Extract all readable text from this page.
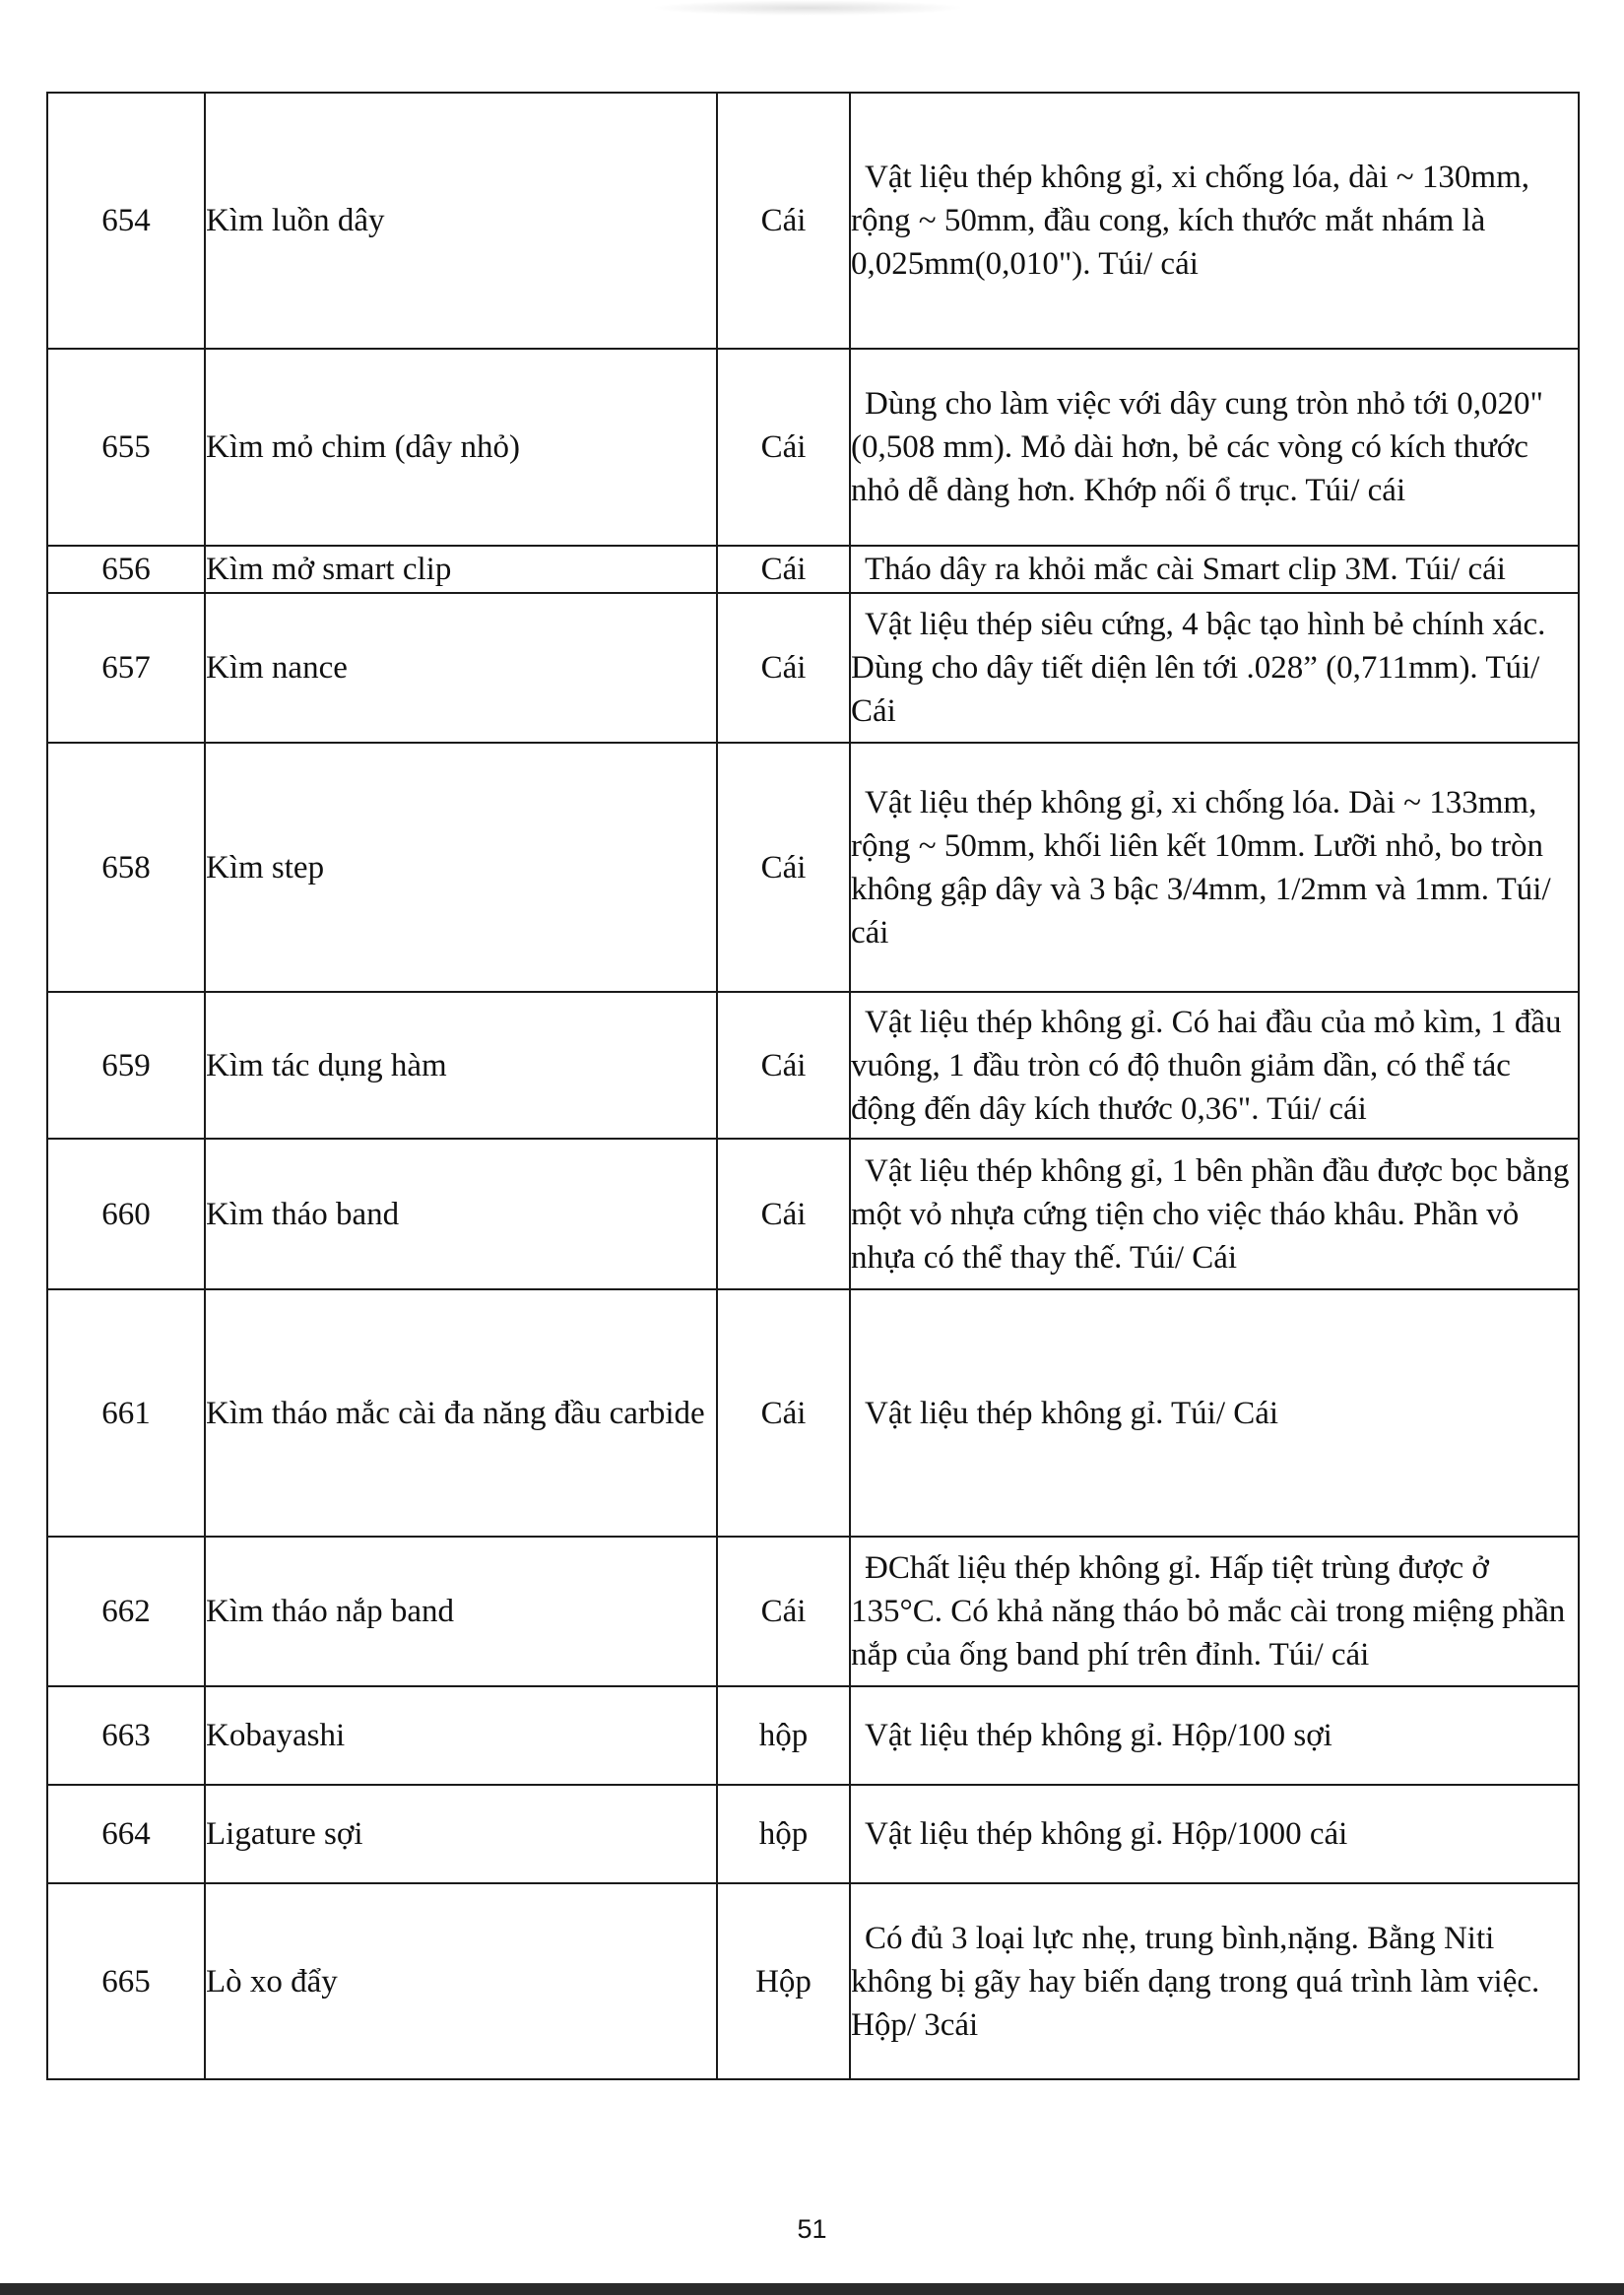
654	Kìm luồn dây	Cái	Vật liệu thép không gỉ, xi chống lóa, dài ~ 130mm, rộng ~ 50mm, đầu cong, kích thước mắt nhám là 0,025mm(0,010"). Túi/ cái
655	Kìm mỏ chim (dây nhỏ)	Cái	Dùng cho làm việc với dây cung tròn nhỏ tới 0,020" (0,508 mm). Mỏ dài hơn, bẻ các vòng có kích thước nhỏ dễ dàng hơn. Khớp nối ổ trục. Túi/ cái
656	Kìm mở smart clip	Cái	Tháo dây ra khỏi mắc cài Smart clip 3M. Túi/ cái
657	Kìm nance	Cái	Vật liệu thép siêu cứng, 4 bậc tạo hình bẻ chính xác. Dùng cho dây tiết diện lên tới .028” (0,711mm). Túi/ Cái
658	Kìm step	Cái	Vật liệu thép không gỉ, xi chống lóa. Dài ~ 133mm, rộng ~ 50mm, khối liên kết 10mm. Lưỡi nhỏ, bo tròn không gập dây và 3 bậc 3/4mm, 1/2mm và 1mm. Túi/ cái
659	Kìm tác dụng hàm	Cái	Vật liệu thép không gỉ. Có hai đầu của mỏ kìm, 1 đầu vuông, 1 đầu tròn có độ thuôn giảm dần, có thể tác động đến dây kích thước 0,36". Túi/ cái
660	Kìm tháo band	Cái	Vật liệu thép không gỉ, 1 bên phần đầu được bọc bằng một vỏ nhựa cứng tiện cho việc tháo khâu. Phần vỏ nhựa có thể thay thế. Túi/ Cái
661	Kìm tháo mắc cài đa năng đầu carbide	Cái	Vật liệu thép không gỉ. Túi/ Cái
662	Kìm tháo nắp band	Cái	ĐChất liệu thép không gỉ. Hấp tiệt trùng được ở 135°C. Có khả năng tháo bỏ mắc cài trong miệng phần nắp của ống band phí trên đỉnh. Túi/ cái
663	Kobayashi	hộp	Vật liệu thép không gỉ. Hộp/100 sợi
664	Ligature sợi	hộp	Vật liệu thép không gỉ. Hộp/1000 cái
665	Lò xo đẩy	Hộp	Có đủ 3 loại lực nhẹ, trung bình,nặng. Bằng Niti không bị gãy hay biến dạng trong quá trình làm việc. Hộp/ 3cái
51
